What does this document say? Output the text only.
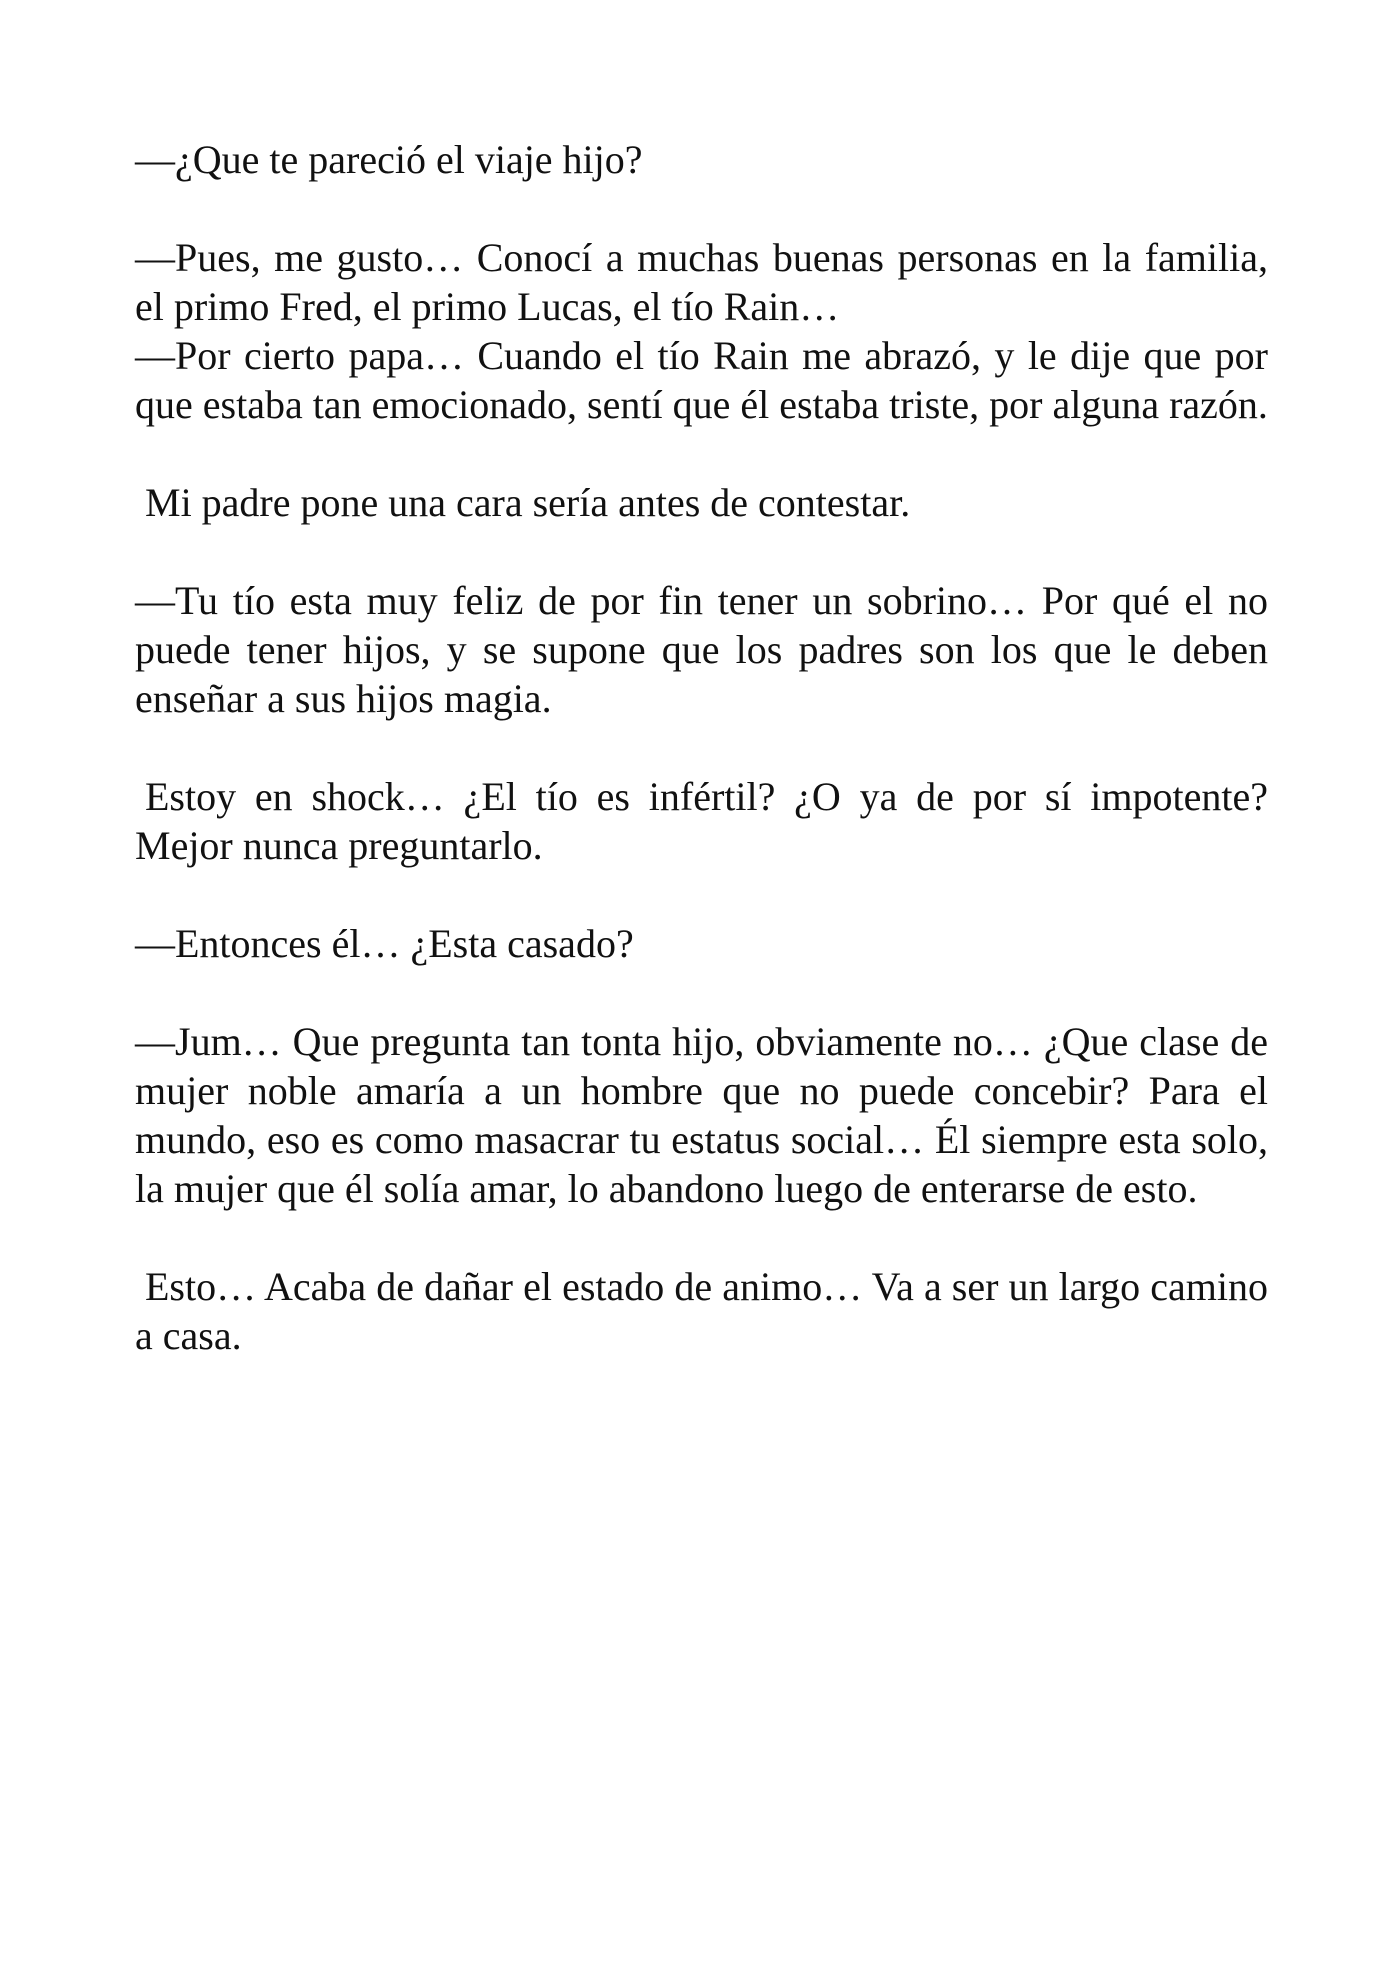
—¿Que te pareció el viaje hijo?

—Pues, me gusto… Conocí a muchas buenas personas en la familia, el primo Fred, el primo Lucas, el tío Rain…

—Por cierto papa… Cuando el tío Rain me abrazó, y le dije que por que estaba tan emocionado, sentí que él estaba triste, por alguna razón.

Mi padre pone una cara sería antes de contestar.

—Tu tío esta muy feliz de por fin tener un sobrino… Por qué el no puede tener hijos, y se supone que los padres son los que le deben enseñar a sus hijos magia.

Estoy en shock… ¿El tío es infértil? ¿O ya de por sí impotente? Mejor nunca preguntarlo.

—Entonces él… ¿Esta casado?

—Jum… Que pregunta tan tonta hijo, obviamente no… ¿Que clase de mujer noble amaría a un hombre que no puede concebir? Para el mundo, eso es como masacrar tu estatus social… Él siempre esta solo, la mujer que él solía amar, lo abandono luego de enterarse de esto.

Esto… Acaba de dañar el estado de animo… Va a ser un largo camino a casa.
